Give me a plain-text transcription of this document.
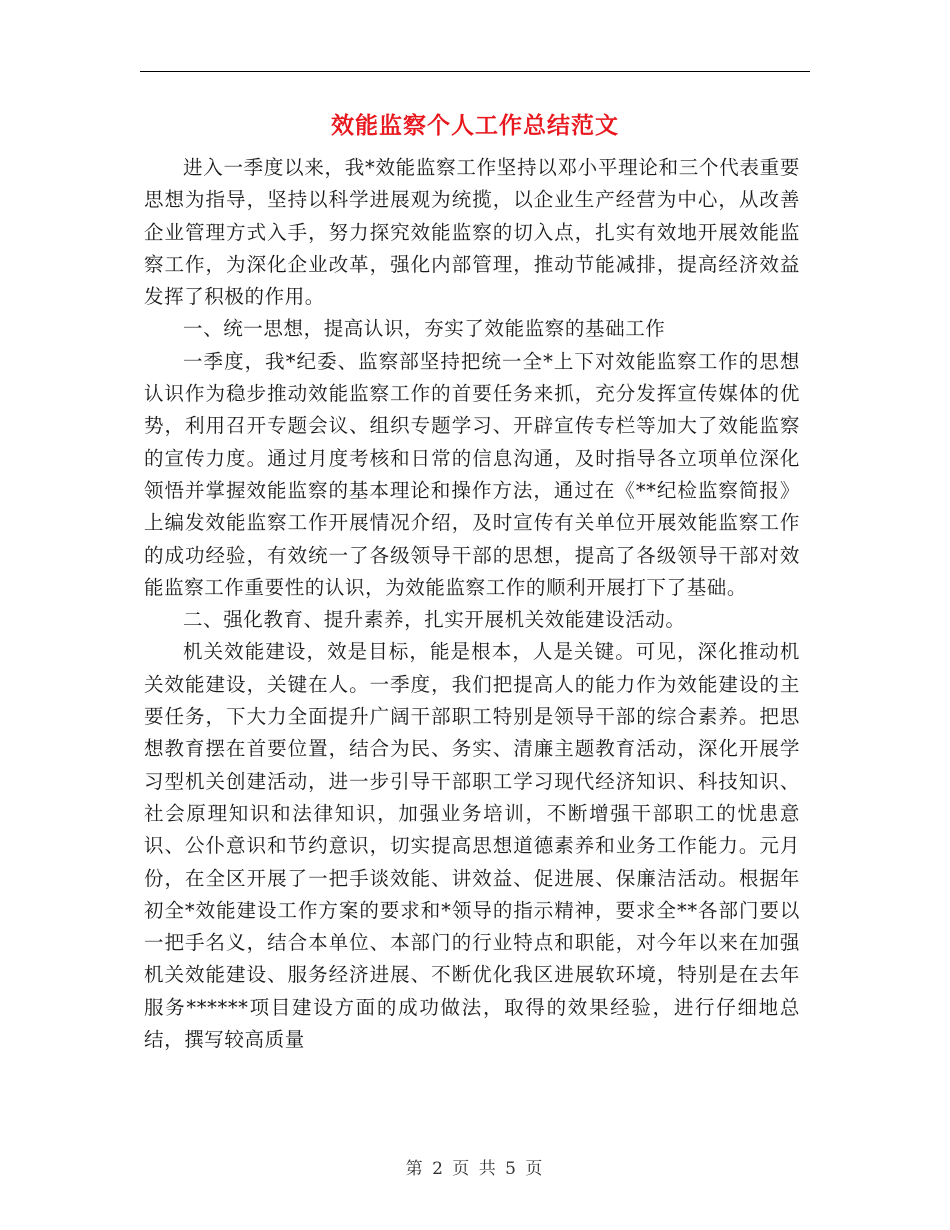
效能监察个人工作总结范文

进入一季度以来，我*效能监察工作坚持以邓小平理论和三个代表重要思想为指导，坚持以科学进展观为统揽，以企业生产经营为中心，从改善企业管理方式入手，努力探究效能监察的切入点，扎实有效地开展效能监察工作，为深化企业改革，强化内部管理，推动节能减排，提高经济效益发挥了积极的作用。

一、统一思想，提高认识，夯实了效能监察的基础工作

一季度，我*纪委、监察部坚持把统一全*上下对效能监察工作的思想认识作为稳步推动效能监察工作的首要任务来抓，充分发挥宣传媒体的优势，利用召开专题会议、组织专题学习、开辟宣传专栏等加大了效能监察的宣传力度。通过月度考核和日常的信息沟通，及时指导各立项单位深化领悟并掌握效能监察的基本理论和操作方法，通过在《**纪检监察简报》上编发效能监察工作开展情况介绍，及时宣传有关单位开展效能监察工作的成功经验，有效统一了各级领导干部的思想，提高了各级领导干部对效能监察工作重要性的认识，为效能监察工作的顺利开展打下了基础。

二、强化教育、提升素养，扎实开展机关效能建设活动。

机关效能建设，效是目标，能是根本，人是关键。可见，深化推动机关效能建设，关键在人。一季度，我们把提高人的能力作为效能建设的主要任务，下大力全面提升广阔干部职工特别是领导干部的综合素养。把思想教育摆在首要位置，结合为民、务实、清廉主题教育活动，深化开展学习型机关创建活动，进一步引导干部职工学习现代经济知识、科技知识、社会原理知识和法律知识，加强业务培训，不断增强干部职工的忧患意识、公仆意识和节约意识，切实提高思想道德素养和业务工作能力。元月份，在全区开展了一把手谈效能、讲效益、促进展、保廉洁活动。根据年初全*效能建设工作方案的要求和*领导的指示精神，要求全**各部门要以一把手名义，结合本单位、本部门的行业特点和职能，对今年以来在加强机关效能建设、服务经济进展、不断优化我区进展软环境，特别是在去年服务******项目建设方面的成功做法，取得的效果经验，进行仔细地总结，撰写较高质量

第 2 页 共 5 页
